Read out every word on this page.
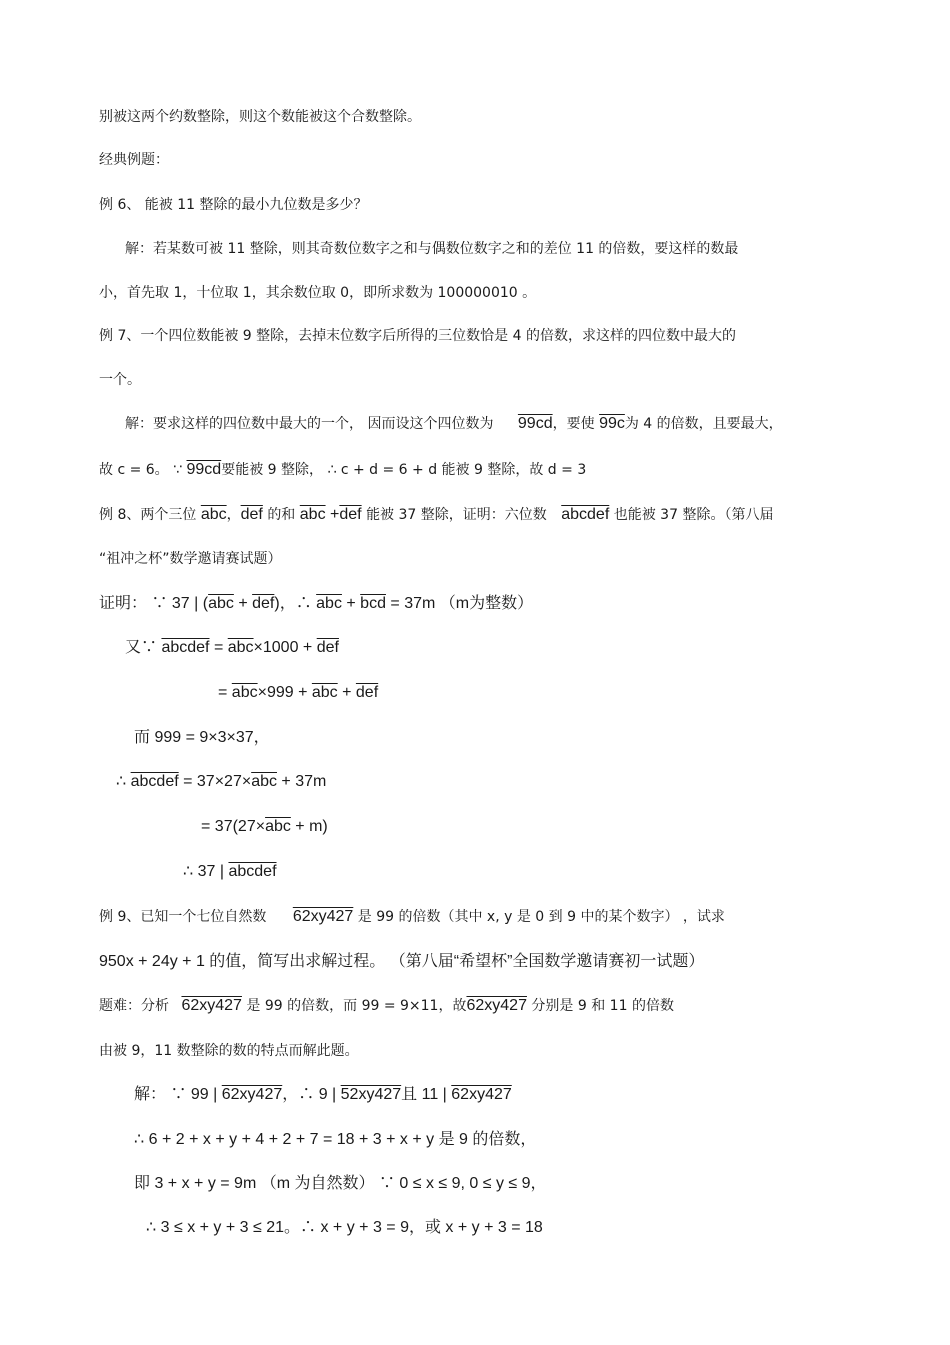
别被这两个约数整除，则这个数能被这个合数整除。
经典例题：
例 6、 能被 11 整除的最小九位数是多少？
解：若某数可被 11 整除，则其奇数位数字之和与偶数位数字之和的差位 11 的倍数，要这样的数最
小，首先取 1，十位取 1，其余数位取 0，即所求数为 100000010 。
例 7、一个四位数能被 9 整除，去掉末位数字后所得的三位数恰是 4 的倍数，求这样的四位数中最大的
一个。
解：要求这样的四位数中最大的一个， 因而设这个四位数为 99cd，要使 99c为 4 的倍数，且要最大，
故 c = 6。 ∵ 99cd要能被 9 整除， ∴ c + d = 6 + d 能被 9 整除，故 d = 3
例 8、两个三位 $\overline{abc}$，$\overline{def}$ 的和 $\overline{abc} +\overline{def}$ 能被 37 整除，证明：六位数 abcdef 也能被 37 整除。（第八届
“祖冲之杯”数学邀请赛试题）
证明： ∵ 37 | $(\overline{abc} + \overline{def})$，∴ $\overline{abc} + \overline{bcd} = 37m$ （m为整数）
又∵ abcdef = $\overline{abc}\times 1000 + \overline{def}$
= $\overline{abc}\times 999 + \overline{abc} + \overline{def}$
而 999 = 9×3×37，
∴ abcdef = $37\times 27\times\overline{abc} + 37m$
= $37(27\times\overline{abc} + m)$
∴ 37 | abcdef
例 9、已知一个七位自然数 62xy427 是 99 的倍数（其中 x, y 是 0 到 9 中的某个数字） ，试求
950x + 24y + 1 的值，简写出求解过程。 （第八届“希望杯”全国数学邀请赛初一试题）
题难：分析 62xy427 是 99 的倍数，而 99 = 9×11，故62xy427 分别是 9 和 11 的倍数
由被 9，11 数整除的数的特点而解此题。
解： ∵ 99 | 62xy427，∴ 9 | 52xy427且 11 | 62xy427
∴ 6 + 2 + x + y + 4 + 2 + 7 = 18 + 3 + x + y 是 9 的倍数，
即 3 + x + y = 9m （m 为自然数） ∵ 0 ≤ x ≤ 9, 0 ≤ y ≤ 9，
∴ 3 ≤ x + y + 3 ≤ 21。∴ x + y + 3 = 9，或 x + y + 3 = 18
